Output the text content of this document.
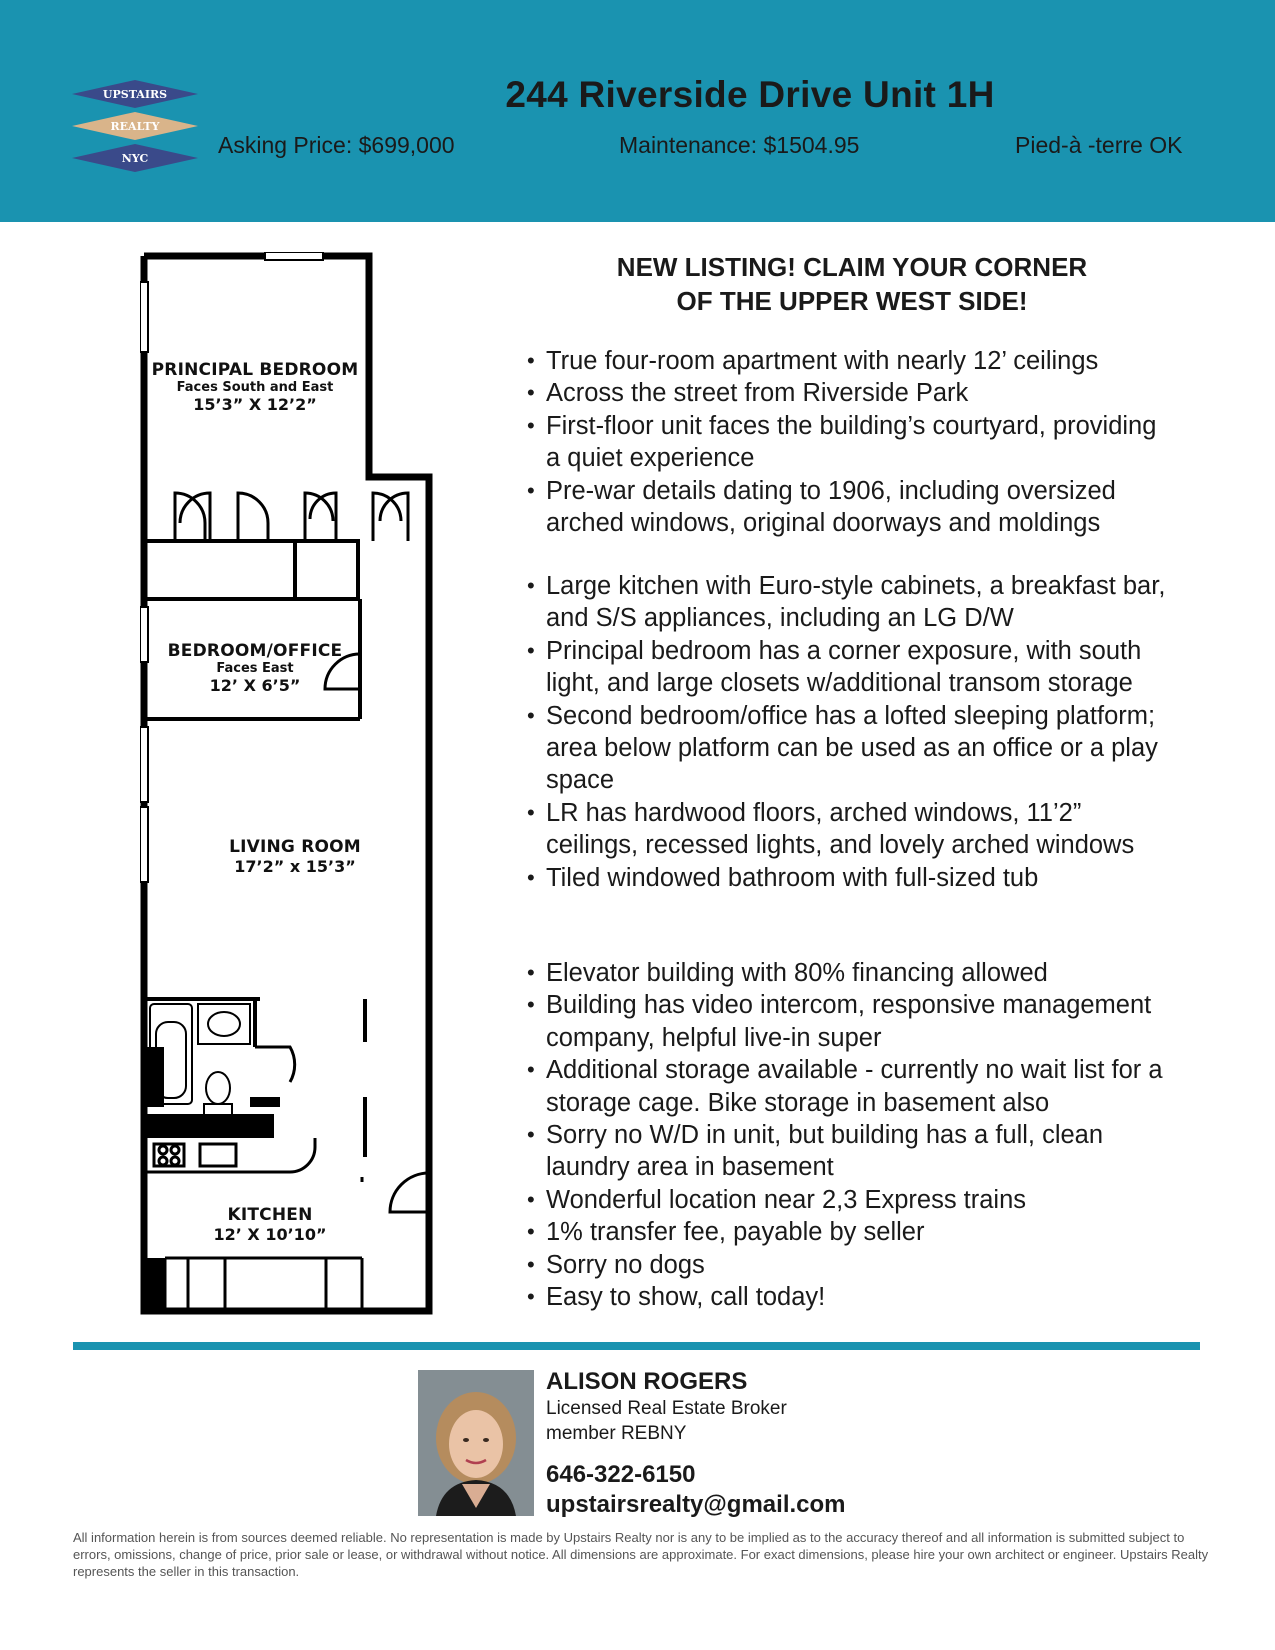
UPSTAIRS
REALTY
NYC
244 Riverside Drive Unit 1H
Asking Price: $699,000	Maintenance: $1504.95	Pied-à -terre OK
PRINCIPAL BEDROOM
Faces South and East
15’3” X 12’2”
BEDROOM/OFFICE
Faces East
12’ X 6’5”
LIVING ROOM
17’2” x 15’3”
KITCHEN
12’ X 10’10”
NEW LISTING! CLAIM YOUR CORNER
OF THE UPPER WEST SIDE!
• True four-room apartment with nearly 12’ ceilings
• Across the street from Riverside Park
• First-floor unit faces the building’s courtyard, providing a quiet experience
• Pre-war details dating to 1906, including oversized arched windows, original doorways and moldings
• Large kitchen with Euro-style cabinets, a breakfast bar, and S/S appliances, including an LG D/W
• Principal bedroom has a corner exposure, with south light, and large closets w/additional transom storage
• Second bedroom/office has a lofted sleeping platform; area below platform can be used as an office or a play space
• LR has hardwood floors, arched windows, 11’2” ceilings, recessed lights, and lovely arched windows
• Tiled windowed bathroom with full-sized tub
• Elevator building with 80% financing allowed
• Building has video intercom, responsive management company, helpful live-in super
• Additional storage available - currently no wait list for a storage cage. Bike storage in basement also
• Sorry no W/D in unit, but building has a full, clean laundry area in basement
• Wonderful location near 2,3 Express trains
• 1% transfer fee, payable by seller
• Sorry no dogs
• Easy to show, call today!
ALISON ROGERS
Licensed Real Estate Broker
member REBNY
646-322-6150
upstairsrealty@gmail.com
All information herein is from sources deemed reliable. No representation is made by Upstairs Realty nor is any to be implied as to the accuracy thereof and all information is submitted subject to errors, omissions, change of price, prior sale or lease, or withdrawal without notice. All dimensions are approximate. For exact dimensions, please hire your own architect or engineer. Upstairs Realty represents the seller in this transaction.
